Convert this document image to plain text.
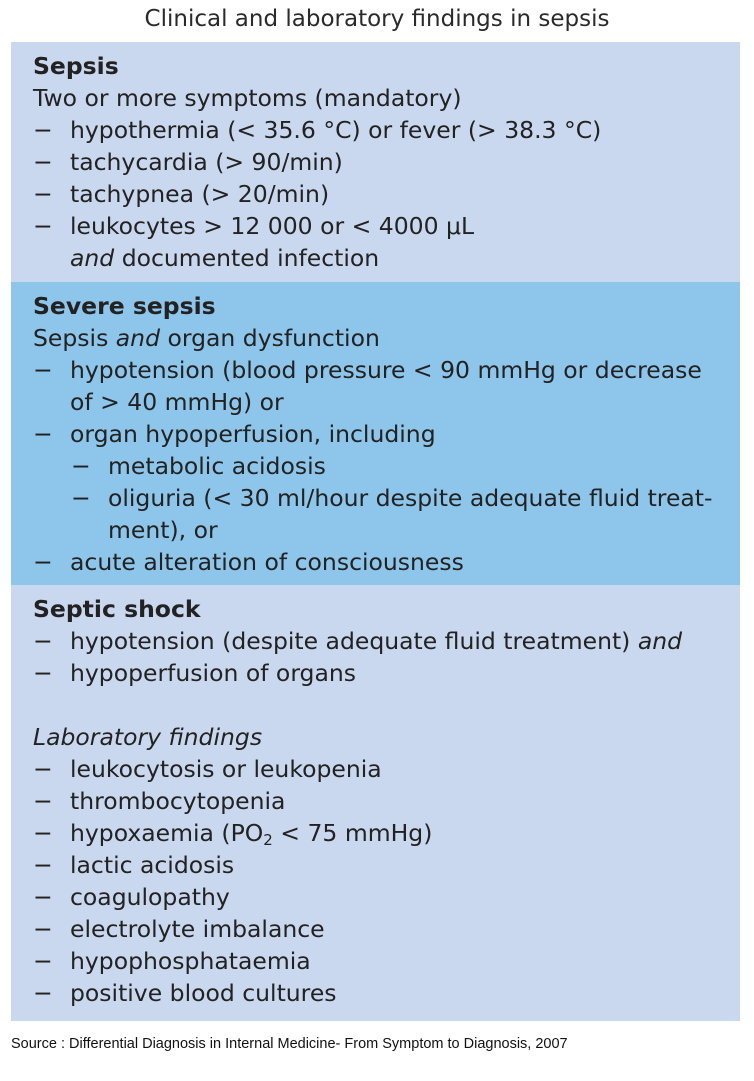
Clinical and laboratory findings in sepsis
Sepsis
Two or more symptoms (mandatory)
− hypothermia (< 35.6 °C) or fever (> 38.3 °C)
− tachycardia (> 90/min)
− tachypnea (> 20/min)
− leukocytes > 12 000 or < 4000 μL
and documented infection
Severe sepsis
Sepsis and organ dysfunction
− hypotension (blood pressure < 90 mmHg or decrease
of > 40 mmHg) or
− organ hypoperfusion, including
− metabolic acidosis
− oliguria (< 30 ml/hour despite adequate fluid treat-
ment), or
− acute alteration of consciousness
Septic shock
− hypotension (despite adequate fluid treatment) and
− hypoperfusion of organs
Laboratory findings
− leukocytosis or leukopenia
− thrombocytopenia
− hypoxaemia ($PO_2 < 75$ mmHg)
− lactic acidosis
− coagulopathy
− electrolyte imbalance
− hypophosphataemia
− positive blood cultures
Source : Differential Diagnosis in Internal Medicine- From Symptom to Diagnosis, 2007
